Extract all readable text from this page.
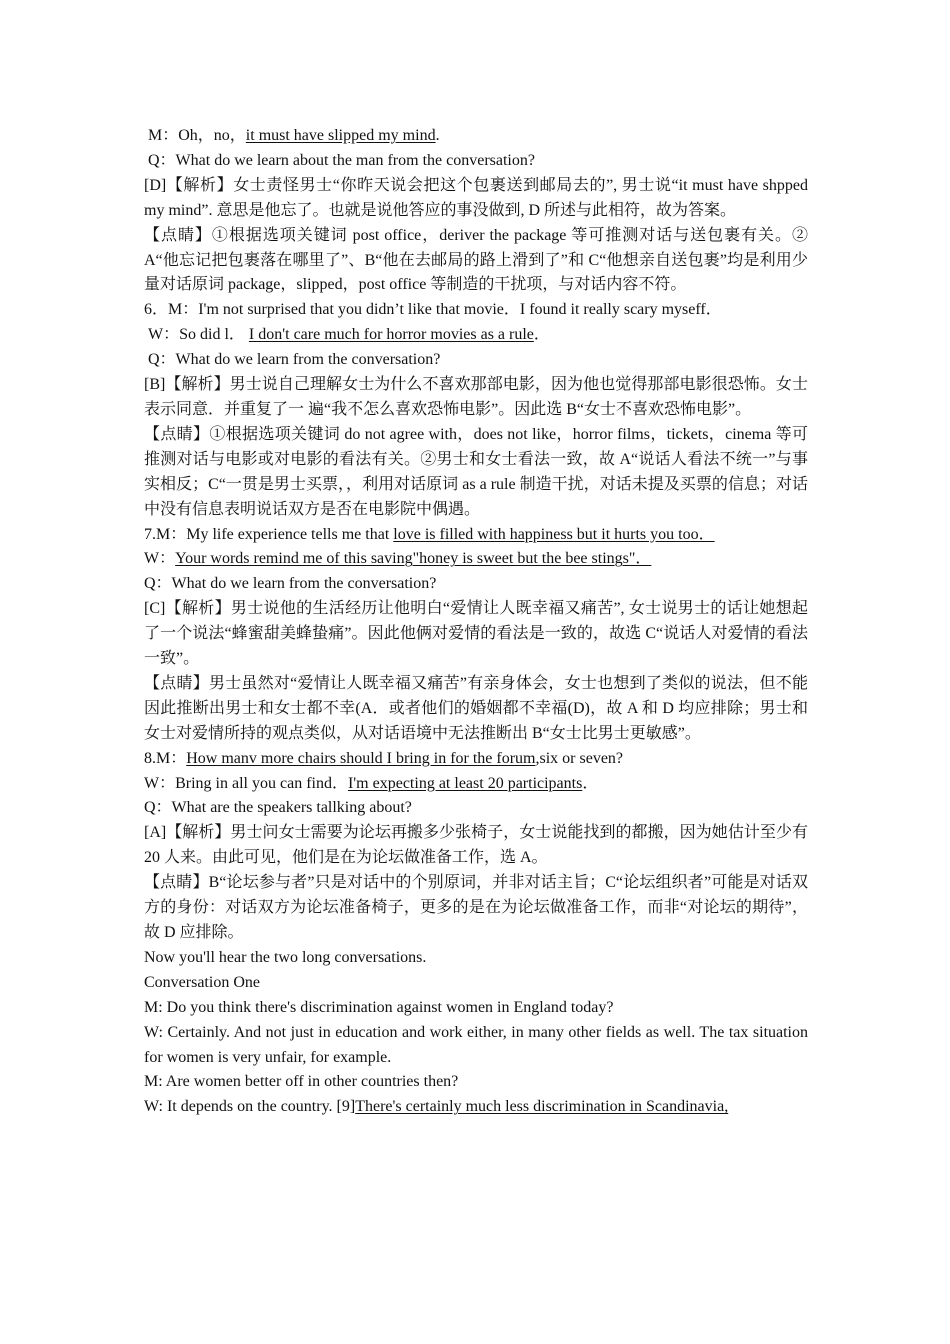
M：Oh，no，it must have slipped my mind.
Q：What do we learn about the man from the conversation?
[D]【解析】女士责怪男士“你昨天说会把这个包裹送到邮局去的”, 男士说“it must have shpped my mind”. 意思是他忘了。也就是说他答应的事没做到, D 所述与此相符，故为答案。
【点睛】①根据选项关键词 post office，deriver the package 等可推测对话与送包裹有关。② A“他忘记把包裹落在哪里了”、B“他在去邮局的路上滑到了”和 C“他想亲自送包裹”均是利用少量对话原词 package，slipped，post office 等制造的干扰项，与对话内容不符。
6．M：I'm not surprised that you didn’t like that movie．I found it really scary myseff．
W：So did l． I don't care much for horror movies as a rule．
Q：What do we learn from the conversation?
[B]【解析】男士说自己理解女士为什么不喜欢那部电影，因为他也觉得那部电影很恐怖。女士表示同意．并重复了一 遍“我不怎么喜欢恐怖电影”。因此选 B“女士不喜欢恐怖电影”。
【点睛】①根据选项关键词 do not agree with，does not like，horror films，tickets，cinema 等可推测对话与电影或对电影的看法有关。②男士和女士看法一致，故 A“说话人看法不统一”与事实相反；C“一贯是男士买票，，利用对话原词 as a rule 制造干扰，对话未提及买票的信息；对话中没有信息表明说话双方是否在电影院中偶遇。
7.M：My life experience tells me that love is filled with happiness but it hurts you too．
W：Your words remind me of this saving"honey is sweet but the bee stings"．
Q：What do we learn from the conversation?
[C]【解析】男士说他的生活经历让他明白“爱情让人既幸福又痛苦”, 女士说男士的话让她想起了一个说法“蜂蜜甜美蜂蛰痛”。因此他俩对爱情的看法是一致的，故选 C“说话人对爱情的看法一致”。
【点睛】男士虽然对“爱情让人既幸福又痛苦”有亲身体会，女士也想到了类似的说法，但不能因此推断出男士和女士都不幸(A．或者他们的婚姻都不幸福(D)，故 A 和 D 均应排除；男士和女士对爱情所持的观点类似，从对话语境中无法推断出 B“女士比男士更敏感”。
8.M：How manv more chairs should I bring in for the forum,six or seven?
W：Bring in all you can find．I'm expecting at least 20 participants．
Q：What are the speakers tallking about?
[A]【解析】男士问女士需要为论坛再搬多少张椅子，女士说能找到的都搬，因为她估计至少有 20 人来。由此可见，他们是在为论坛做准备工作，选 A。
【点睛】B“论坛参与者”只是对话中的个别原词，并非对话主旨；C“论坛组织者”可能是对话双方的身份：对话双方为论坛准备椅子，更多的是在为论坛做准备工作，而非“对论坛的期待”，故 D 应排除。
Now you'll hear the two long conversations.
Conversation One
M: Do you think there's discrimination against women in England today?
W: Certainly. And not just in education and work either, in many other fields as well. The tax situation for women is very unfair, for example.
M: Are women better off in other countries then?
W: It depends on the country. [9]There's certainly much less discrimination in Scandinavia,
